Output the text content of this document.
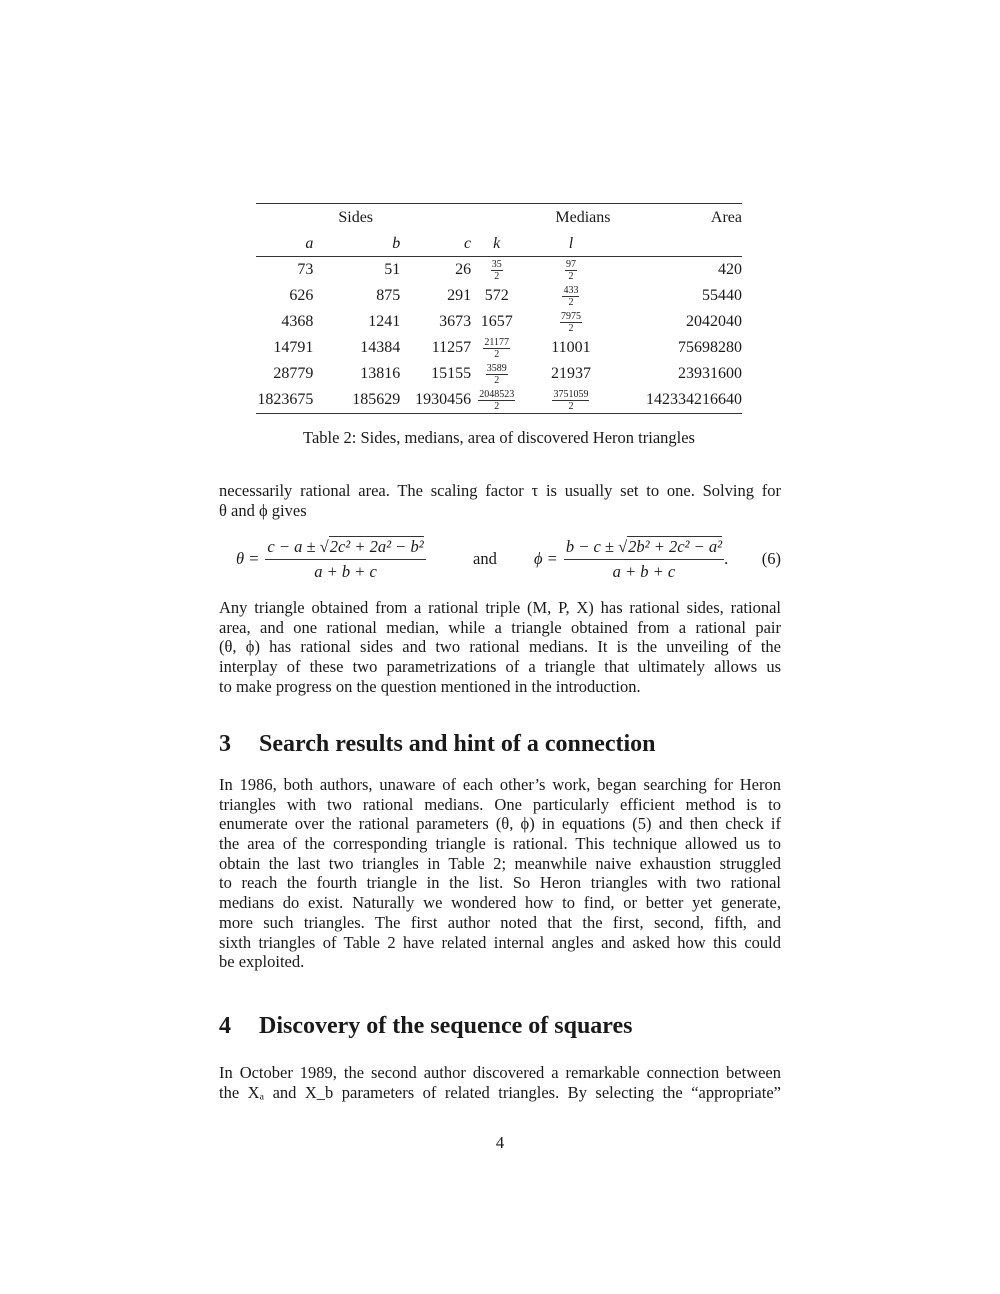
	Sides			Medians	Area
a	b	c	k	l	

73	51	26	$\frac{35}{2}$	$\frac{97}{2}$	420
626	875	291	572	$\frac{433}{2}$	55440
4368	1241	3673	1657	$\frac{7975}{2}$	2042040
14791	14384	11257	$\frac{21177}{2}$	11001	75698280
28779	13816	15155	$\frac{3589}{2}$	21937	23931600
1823675	185629	1930456	$\frac{2048523}{2}$	$\frac{3751059}{2}$	142334216640
Table 2: Sides, medians, area of discovered Heron triangles
necessarily rational area. The scaling factor τ is usually set to one. Solving for
θ and ϕ gives
$\theta = \frac{\text{c − a ± √2c² + 2a² − b²}}{a + b + c}$	and $\phi = \frac{\text{b − c ± √2b² + 2c² − a²}}{a + b + c}$ . (6)
Any triangle obtained from a rational triple (M, P, X) has rational sides, rational
area, and one rational median, while a triangle obtained from a rational pair
(θ, ϕ) has rational sides and two rational medians. It is the unveiling of the
interplay of these two parametrizations of a triangle that ultimately allows us
to make progress on the question mentioned in the introduction.
3 Search results and hint of a connection
In 1986, both authors, unaware of each other’s work, began searching for Heron
triangles with two rational medians. One particularly efficient method is to
enumerate over the rational parameters (θ, ϕ) in equations (5) and then check if
the area of the corresponding triangle is rational. This technique allowed us to
obtain the last two triangles in Table 2; meanwhile naive exhaustion struggled
to reach the fourth triangle in the list. So Heron triangles with two rational
medians do exist. Naturally we wondered how to find, or better yet generate,
more such triangles. The first author noted that the first, second, fifth, and
sixth triangles of Table 2 have related internal angles and asked how this could
be exploited.
4 Discovery of the sequence of squares
In October 1989, the second author discovered a remarkable connection between
the Xₐ and X_b parameters of related triangles. By selecting the “appropriate”
4
